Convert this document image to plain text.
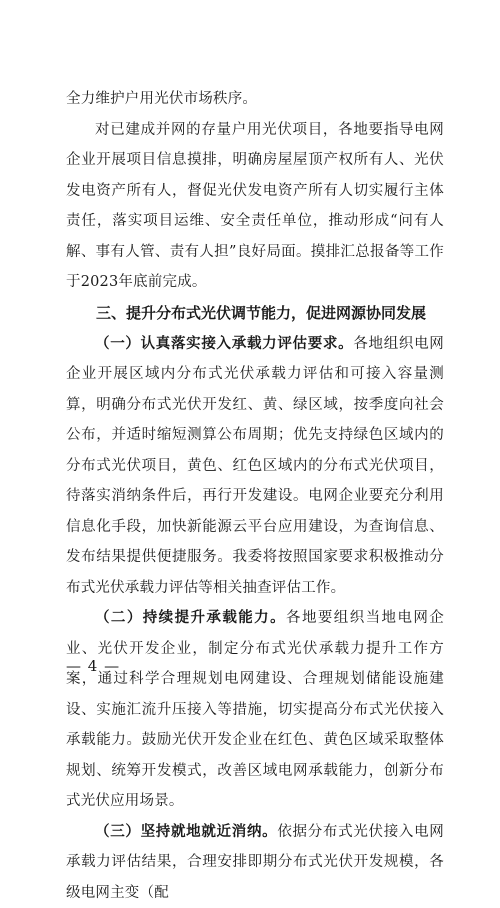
全力维护户用光伏市场秩序。

对已建成并网的存量户用光伏项目，各地要指导电网企业开展项目信息摸排，明确房屋屋顶产权所有人、光伏发电资产所有人，督促光伏发电资产所有人切实履行主体责任，落实项目运维、安全责任单位，推动形成“问有人解、事有人管、责有人担”良好局面。摸排汇总报备等工作于2023年底前完成。

三、提升分布式光伏调节能力，促进网源协同发展

（一）认真落实接入承载力评估要求。各地组织电网企业开展区域内分布式光伏承载力评估和可接入容量测算，明确分布式光伏开发红、黄、绿区域，按季度向社会公布，并适时缩短测算公布周期；优先支持绿色区域内的分布式光伏项目，黄色、红色区域内的分布式光伏项目，待落实消纳条件后，再行开发建设。电网企业要充分利用信息化手段，加快新能源云平台应用建设，为查询信息、发布结果提供便捷服务。我委将按照国家要求积极推动分布式光伏承载力评估等相关抽查评估工作。

（二）持续提升承载能力。各地要组织当地电网企业、光伏开发企业，制定分布式光伏承载力提升工作方案，通过科学合理规划电网建设、合理规划储能设施建设、实施汇流升压接入等措施，切实提高分布式光伏接入承载能力。鼓励光伏开发企业在红色、黄色区域采取整体规划、统筹开发模式，改善区域电网承载能力，创新分布式光伏应用场景。

（三）坚持就地就近消纳。依据分布式光伏接入电网承载力评估结果，合理安排即期分布式光伏开发规模，各级电网主变（配

— 4 —
